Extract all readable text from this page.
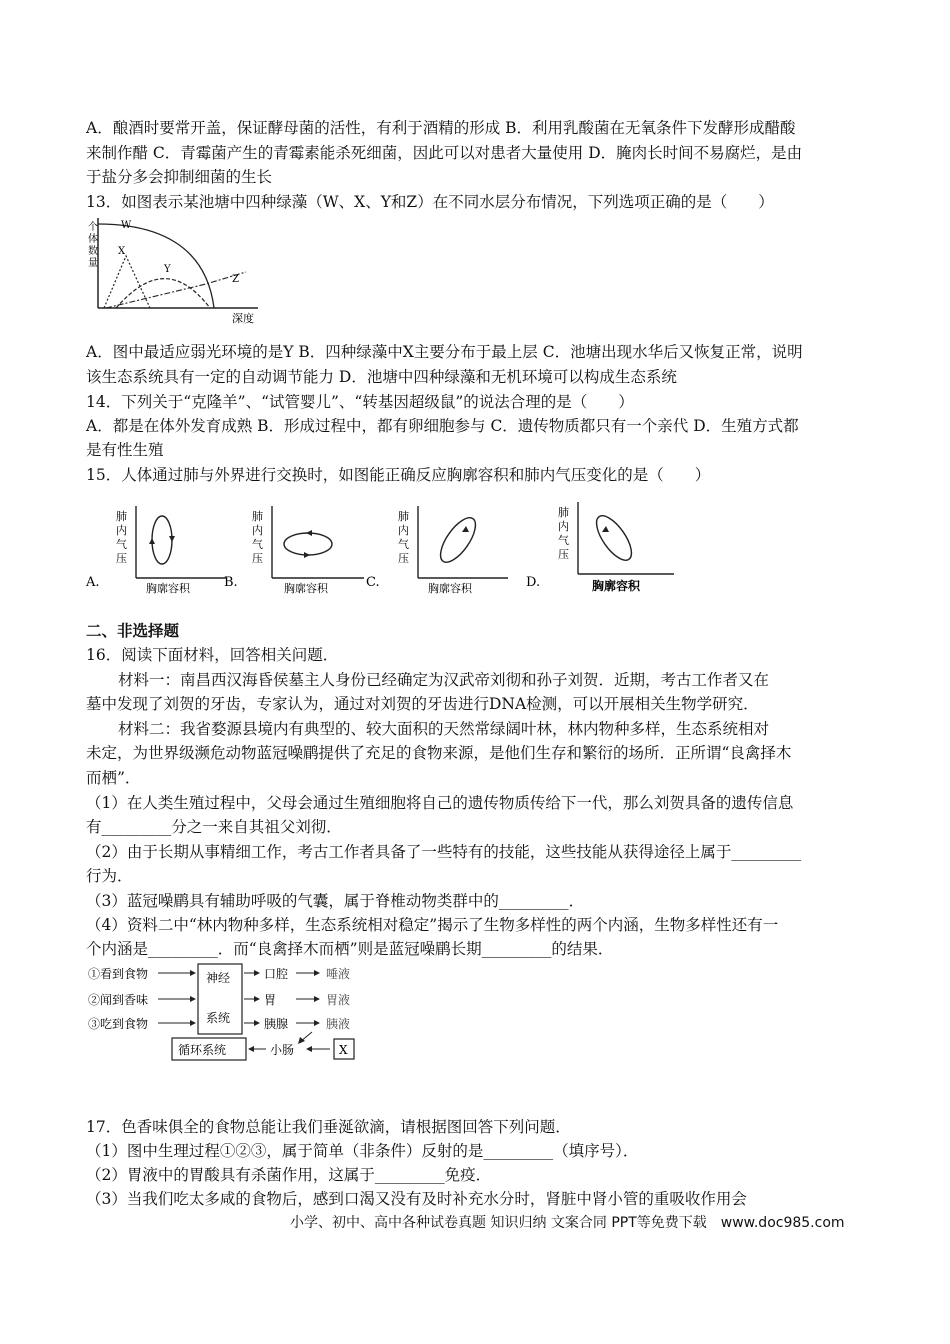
A．酿酒时要常开盖，保证酵母菌的活性，有利于酒精的形成 B．利用乳酸菌在无氧条件下发酵形成醋酸
来制作醋 C．青霉菌产生的青霉素能杀死细菌，因此可以对患者大量使用 D．腌肉长时间不易腐烂，是由
于盐分多会抑制细菌的生长
13．如图表示某池塘中四种绿藻（W、X、Y和Z）在不同水层分布情况，下列选项正确的是（　　）
个
体
数
量
深度
W
X
Y
Z
A．图中最适应弱光环境的是Y B．四种绿藻中X主要分布于最上层 C．池塘出现水华后又恢复正常，说明
该生态系统具有一定的自动调节能力 D．池塘中四种绿藻和无机环境可以构成生态系统
14．下列关于“克隆羊”、“试管婴儿”、“转基因超级鼠”的说法合理的是（　　）
A．都是在体外发育成熟 B．形成过程中，都有卵细胞参与 C．遗传物质都只有一个亲代 D．生殖方式都
是有性生殖
15．人体通过肺与外界进行交换时，如图能正确反应胸廓容积和肺内气压变化的是（　　）
A.
肺
内
气
压
胸廓容积	B.
肺
内
气
压
胸廓容积	C.
肺
内
气
压
胸廓容积	D.
肺
内
气
压
胸廓容积
二、非选择题
16．阅读下面材料，回答相关问题．
材料一：南昌西汉海昏侯墓主人身份已经确定为汉武帝刘彻和孙子刘贺．近期，考古工作者又在
墓中发现了刘贺的牙齿，专家认为，通过对刘贺的牙齿进行DNA检测，可以开展相关生物学研究．
材料二：我省婺源县境内有典型的、较大面积的天然常绿阔叶林，林内物种多样，生态系统相对
未定，为世界级濒危动物蓝冠噪鹛提供了充足的食物来源，是他们生存和繁衍的场所．正所谓“良禽择木
而栖”．
（1）在人类生殖过程中，父母会通过生殖细胞将自己的遗传物质传给下一代，那么刘贺具备的遗传信息
有_________分之一来自其祖父刘彻．
（2）由于长期从事精细工作，考古工作者具备了一些特有的技能，这些技能从获得途径上属于_________
行为．
（3）蓝冠噪鹛具有辅助呼吸的气囊，属于脊椎动物类群中的_________．
（4）资料二中“林内物种多样，生态系统相对稳定”揭示了生物多样性的两个内涵，生物多样性还有一
个内涵是_________．而“良禽择木而栖”则是蓝冠噪鹛长期_________的结果．
①看到食物
②闻到香味
③吃到食物
神经
系统
口腔
胃
胰腺
唾液
胃液
胰液
循环系统	小肠	X
17．色香味俱全的食物总能让我们垂涎欲滴，请根据图回答下列问题．
（1）图中生理过程①②③，属于简单（非条件）反射的是_________（填序号）．
（2）胃液中的胃酸具有杀菌作用，这属于_________免疫．
（3）当我们吃太多咸的食物后，感到口渴又没有及时补充水分时，肾脏中肾小管的重吸收作用会
小学、初中、高中各种试卷真题 知识归纳 文案合同 PPT等免费下载　www.doc985.com
